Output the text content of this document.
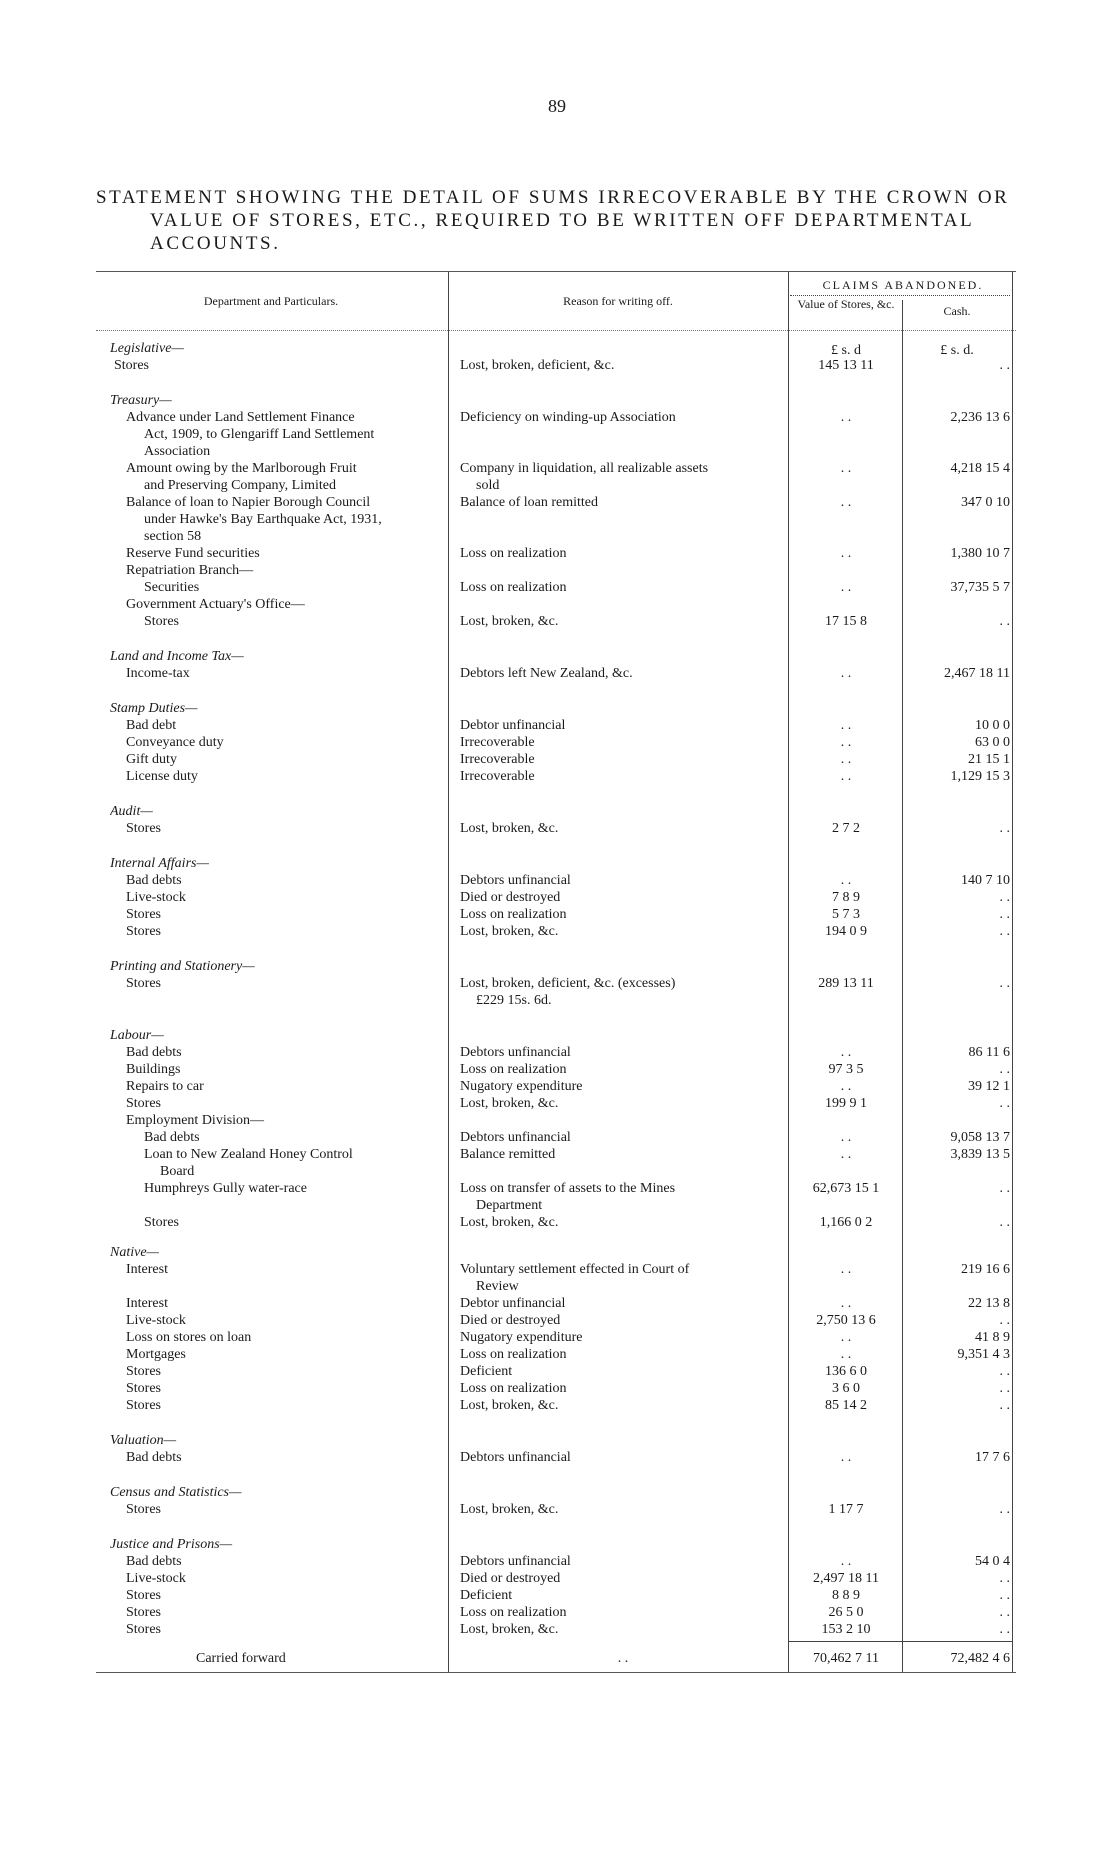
89
STATEMENT SHOWING THE DETAIL OF SUMS IRRECOVERABLE BY THE CROWN OR
VALUE OF STORES, ETC., REQUIRED TO BE WRITTEN OFF DEPARTMENTAL
ACCOUNTS.
Department and Particulars.	Reason for writing off.
CLAIMS ABANDONED.
Value of Stores, &c.	Cash.
£ s. d	£ s. d.
Legislative—
Stores	Lost, broken, deficient, &c.	145 13 11	. .
Treasury—
Advance under Land Settlement Finance	Deficiency on winding-up Association	. .	2,236 13 6
Act, 1909, to Glengariff Land Settlement
Association
Amount owing by the Marlborough Fruit	Company in liquidation, all realizable assets	. .	4,218 15 4
and Preserving Company, Limited	sold
Balance of loan to Napier Borough Council	Balance of loan remitted	. .	347 0 10
under Hawke's Bay Earthquake Act, 1931,
section 58
Reserve Fund securities	Loss on realization	. .	1,380 10 7
Repatriation Branch—
Securities	Loss on realization	. .	37,735 5 7
Government Actuary's Office—
Stores	Lost, broken, &c.	17 15 8	. .
Land and Income Tax—
Income-tax	Debtors left New Zealand, &c.	. .	2,467 18 11
Stamp Duties—
Bad debt	Debtor unfinancial	. .	10 0 0
Conveyance duty	Irrecoverable	. .	63 0 0
Gift duty	Irrecoverable	. .	21 15 1
License duty	Irrecoverable	. .	1,129 15 3
Audit—
Stores	Lost, broken, &c.	2 7 2	. .
Internal Affairs—
Bad debts	Debtors unfinancial	. .	140 7 10
Live-stock	Died or destroyed	7 8 9	. .
Stores	Loss on realization	5 7 3	. .
Stores	Lost, broken, &c.	194 0 9	. .
Printing and Stationery—
Stores	Lost, broken, deficient, &c. (excesses)	289 13 11	. .
£229 15s. 6d.
Labour—
Bad debts	Debtors unfinancial	. .	86 11 6
Buildings	Loss on realization	97 3 5	. .
Repairs to car	Nugatory expenditure	. .	39 12 1
Stores	Lost, broken, &c.	199 9 1	. .
Employment Division—
Bad debts	Debtors unfinancial	. .	9,058 13 7
Loan to New Zealand Honey Control	Balance remitted	. .	3,839 13 5
Board
Humphreys Gully water-race	Loss on transfer of assets to the Mines	62,673 15 1	. .
Department
Stores	Lost, broken, &c.	1,166 0 2	. .
Native—
Interest	Voluntary settlement effected in Court of	. .	219 16 6
Review
Interest	Debtor unfinancial	. .	22 13 8
Live-stock	Died or destroyed	2,750 13 6	. .
Loss on stores on loan	Nugatory expenditure	. .	41 8 9
Mortgages	Loss on realization	. .	9,351 4 3
Stores	Deficient	136 6 0	. .
Stores	Loss on realization	3 6 0	. .
Stores	Lost, broken, &c.	85 14 2	. .
Valuation—
Bad debts	Debtors unfinancial	. .	17 7 6
Census and Statistics—
Stores	Lost, broken, &c.	1 17 7	. .
Justice and Prisons—
Bad debts	Debtors unfinancial	. .	54 0 4
Live-stock	Died or destroyed	2,497 18 11	. .
Stores	Deficient	8 8 9	. .
Stores	Loss on realization	26 5 0	. .
Stores	Lost, broken, &c.	153 2 10	. .
Carried forward	. .	70,462 7 11	72,482 4 6
